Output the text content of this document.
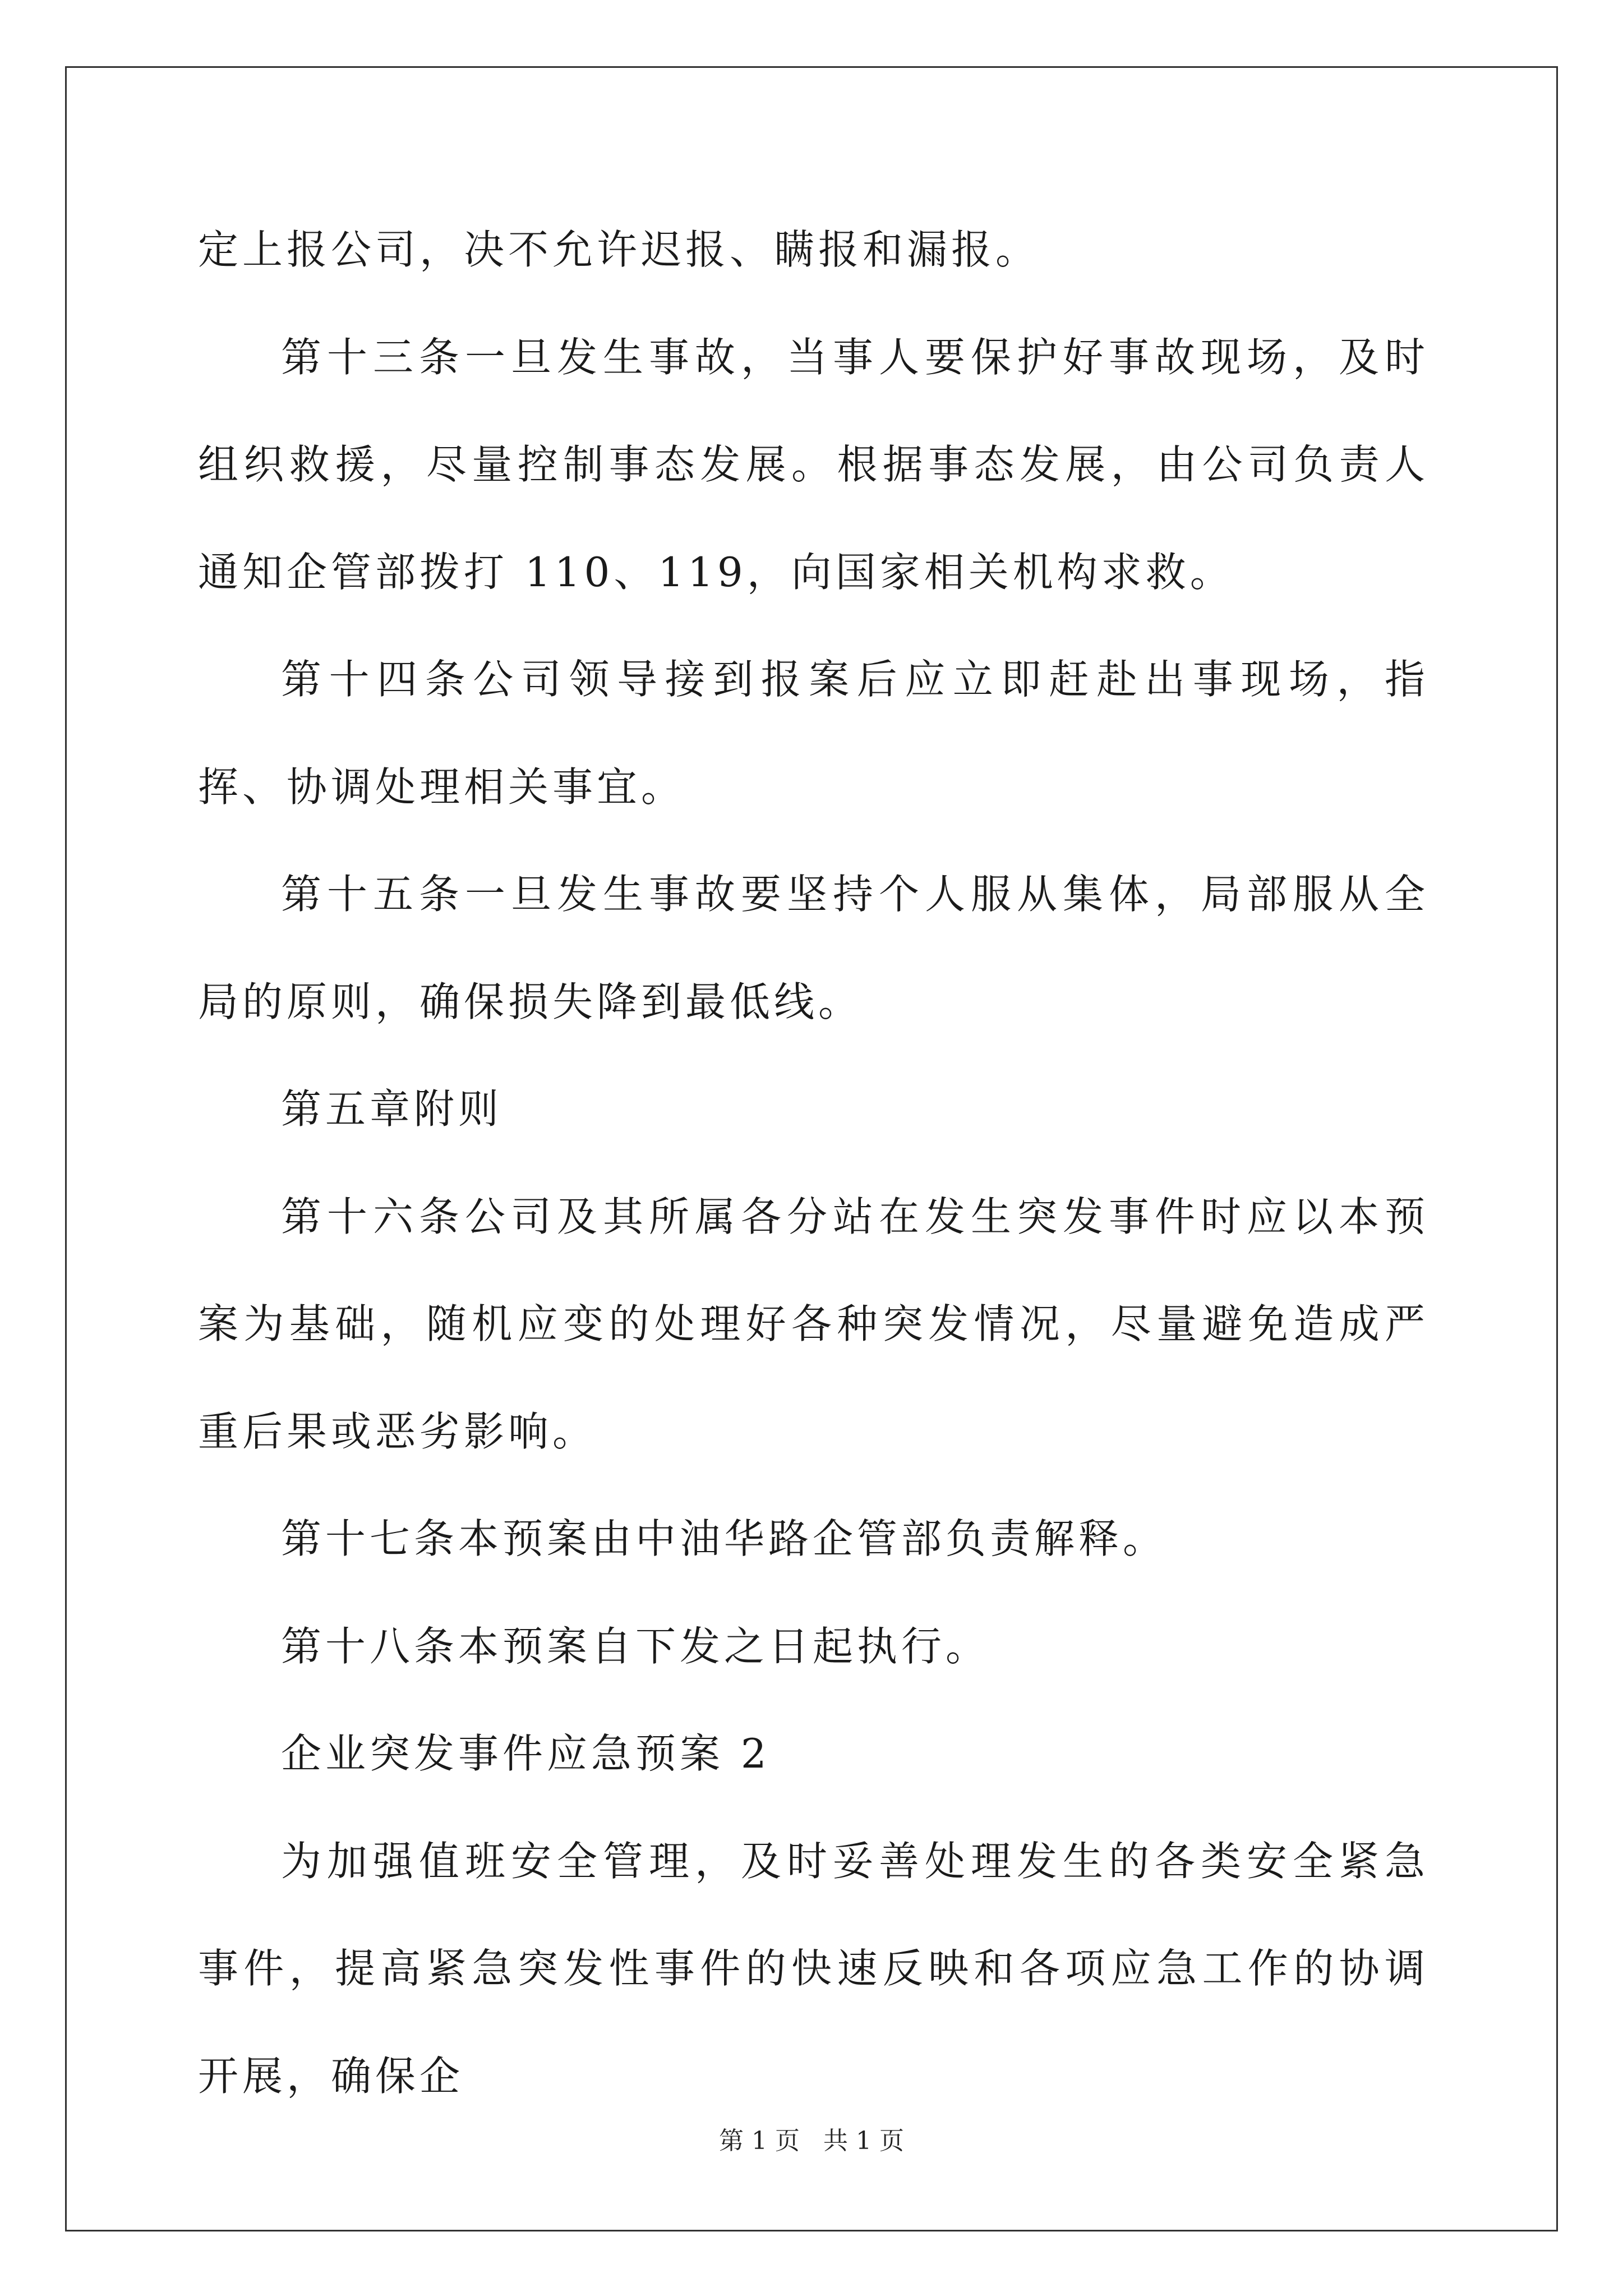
定上报公司，决不允许迟报、瞒报和漏报。

第十三条一旦发生事故，当事人要保护好事故现场，及时组织救援，尽量控制事态发展。根据事态发展，由公司负责人通知企管部拨打 110、119，向国家相关机构求救。

第十四条公司领导接到报案后应立即赶赴出事现场，指挥、协调处理相关事宜。

第十五条一旦发生事故要坚持个人服从集体，局部服从全局的原则，确保损失降到最低线。

第五章附则

第十六条公司及其所属各分站在发生突发事件时应以本预案为基础，随机应变的处理好各种突发情况，尽量避免造成严重后果或恶劣影响。

第十七条本预案由中油华路企管部负责解释。

第十八条本预案自下发之日起执行。

企业突发事件应急预案 2

为加强值班安全管理，及时妥善处理发生的各类安全紧急事件，提高紧急突发性事件的快速反映和各项应急工作的协调开展，确保企

第 1 页 共 1 页
